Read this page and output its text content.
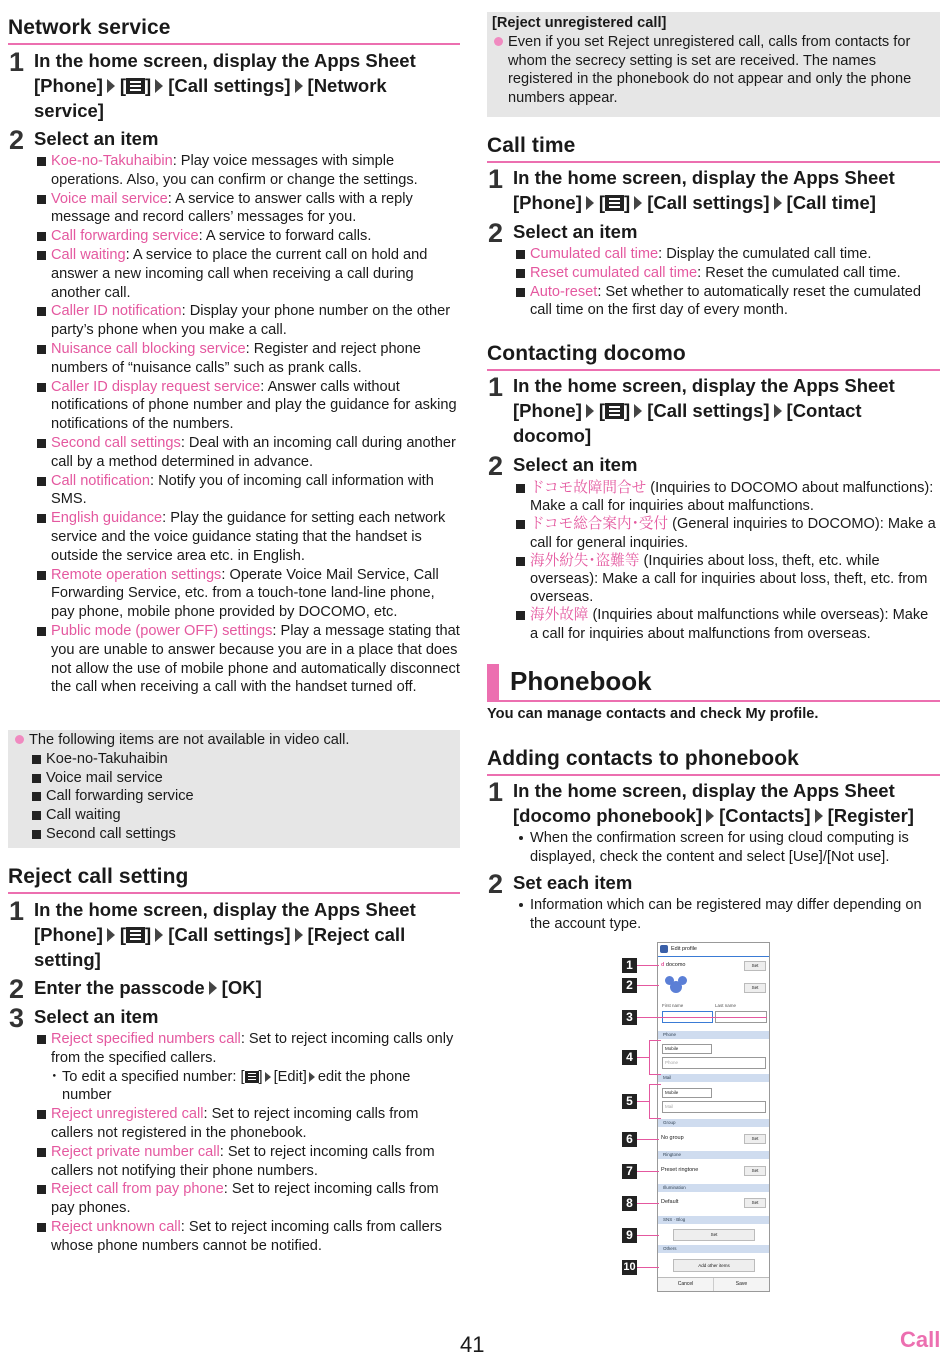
Network service
1 In the home screen, display the Apps Sheet
[Phone] [ ] [Call settings] [Network
service]
2 Select an item
Koe-no-Takuhaibin: Play voice messages with simple operations. Also, you can confirm or change the settings.
Voice mail service: A service to answer calls with a reply message and record callers’ messages for you.
Call forwarding service: A service to forward calls.
Call waiting: A service to place the current call on hold and answer a new incoming call when receiving a call during another call.
Caller ID notification: Display your phone number on the other party’s phone when you make a call.
Nuisance call blocking service: Register and reject phone numbers of “nuisance calls” such as prank calls.
Caller ID display request service: Answer calls without notifications of phone number and play the guidance for asking notifications of the numbers.
Second call settings: Deal with an incoming call during another call by a method determined in advance.
Call notification: Notify you of incoming call information with SMS.
English guidance: Play the guidance for setting each network service and the voice guidance stating that the handset is outside the service area etc. in English.
Remote operation settings: Operate Voice Mail Service, Call Forwarding Service, etc. from a touch-tone land-line phone, pay phone, mobile phone provided by DOCOMO, etc.
Public mode (power OFF) settings: Play a message stating that you are unable to answer because you are in a place that does not allow the use of mobile phone and automatically disconnect the call when receiving a call with the handset turned off.
The following items are not available in video call.
Koe-no-Takuhaibin
Voice mail service
Call forwarding service
Call waiting
Second call settings
Reject call setting
1 In the home screen, display the Apps Sheet
[Phone] [ ] [Call settings] [Reject call
setting]
2 Enter the passcode [OK]
3 Select an item
Reject specified numbers call: Set to reject incoming calls only from the specified callers.
・ To edit a specified number: [ ] [Edit] edit the phone number
Reject unregistered call: Set to reject incoming calls from callers not registered in the phonebook.
Reject private number call: Set to reject incoming calls from callers not notifying their phone numbers.
Reject call from pay phone: Set to reject incoming calls from pay phones.
Reject unknown call: Set to reject incoming calls from callers whose phone numbers cannot be notified.
[Reject unregistered call]
Even if you set Reject unregistered call, calls from contacts for whom the secrecy setting is set are received. The names registered in the phonebook do not appear and only the phone numbers appear.
Call time
1 In the home screen, display the Apps Sheet
[Phone] [ ] [Call settings] [Call time]
2 Select an item
Cumulated call time: Display the cumulated call time.
Reset cumulated call time: Reset the cumulated call time.
Auto-reset: Set whether to automatically reset the cumulated call time on the first day of every month.
Contacting docomo
1 In the home screen, display the Apps Sheet
[Phone] [ ] [Call settings] [Contact
docomo]
2 Select an item
ドコモ故障問合せ (Inquiries to DOCOMO about malfunctions): Make a call for inquiries about malfunctions.
ドコモ総合案内･受付 (General inquiries to DOCOMO): Make a call for general inquiries.
海外紛失･盗難等 (Inquiries about loss, theft, etc. while overseas): Make a call for inquiries about loss, theft, etc. from overseas.
海外故障 (Inquiries about malfunctions while overseas): Make a call for inquiries about malfunctions from overseas.
Phonebook
You can manage contacts and check My profile.
Adding contacts to phonebook
1 In the home screen, display the Apps Sheet
[docomo phonebook] [Contacts] [Register]
When the confirmation screen for using cloud computing is displayed, check the content and select [Use]/[Not use].
2 Set each item
Information which can be registered may differ depending on the account type.
Edit profile
d docomo	Set
Set
First name	Last name
Phone
Mobile
Phone
Mail
Mobile
Mail
Group
No group	Set
Ringtone
Preset ringtone	Set
Illumination
Default	Set
SNS · Blog
Set
Others
Add other items
Cancel	Save
1
2
3
4
5
6
7
8
9
10
41	Call
